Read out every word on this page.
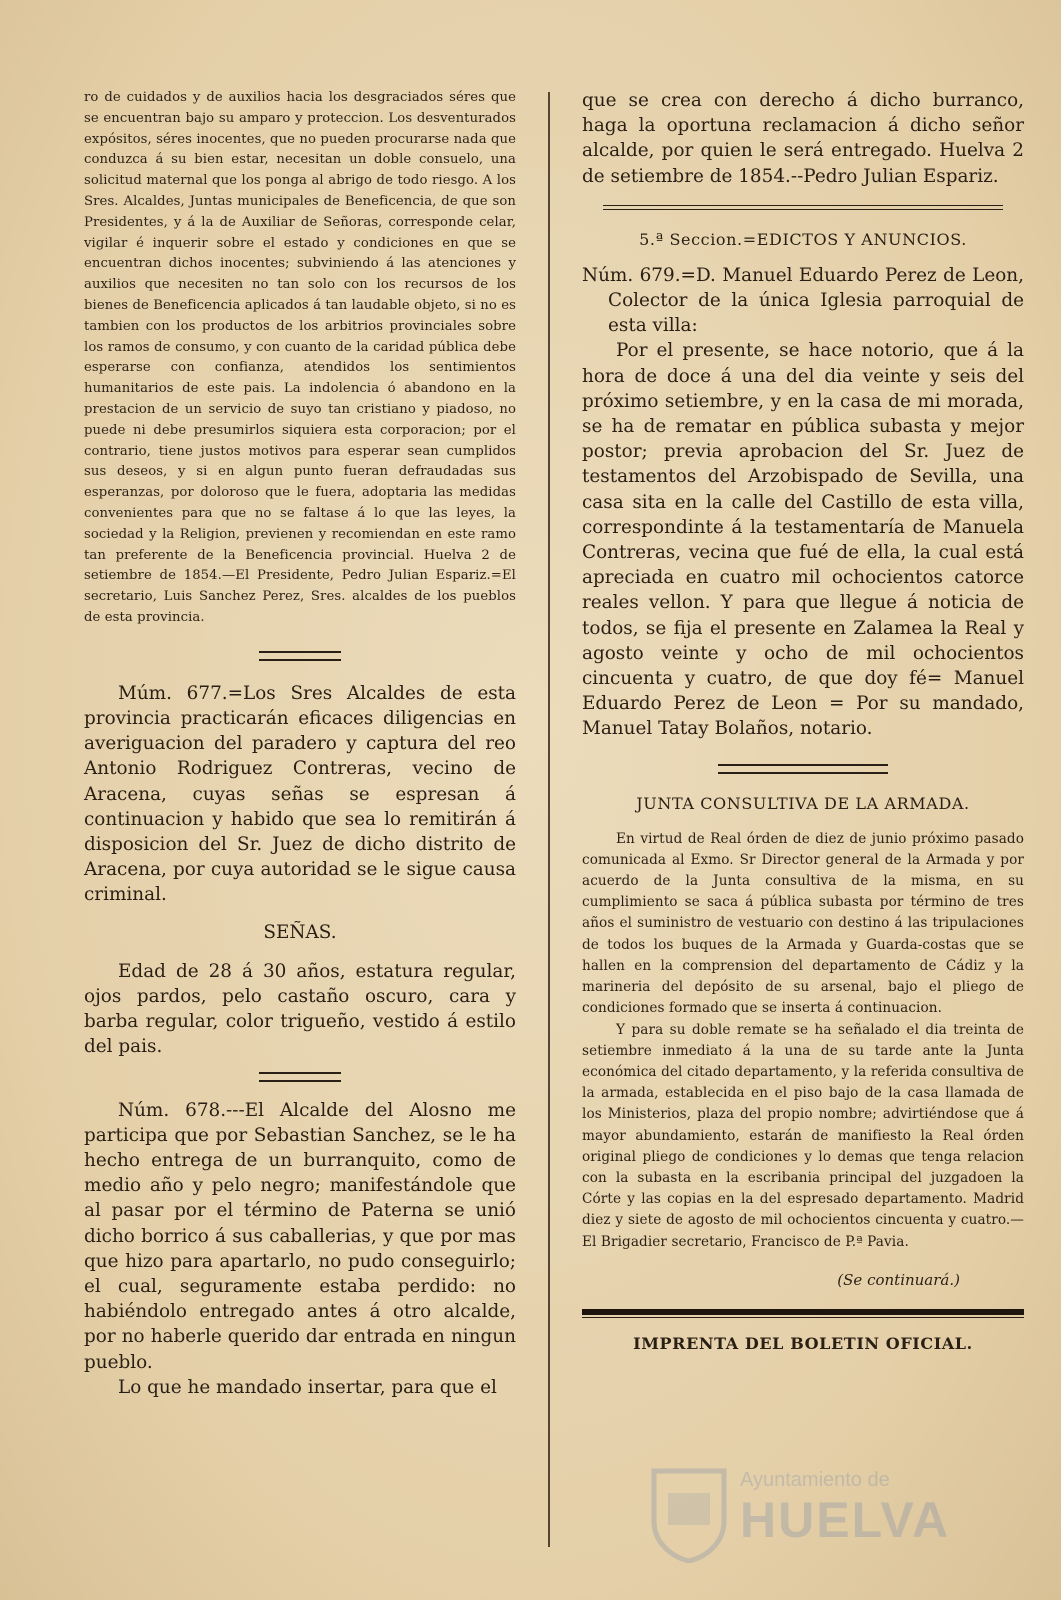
ro de cuidados y de auxilios hacia los desgraciados séres que se encuentran bajo su amparo y proteccion. Los desventurados expósitos, séres inocentes, que no pueden procurarse nada que conduzca á su bien estar, necesitan un doble consuelo, una solicitud maternal que los ponga al abrigo de todo riesgo. A los Sres. Alcaldes, Juntas municipales de Beneficencia, de que son Presidentes, y á la de Auxiliar de Señoras, corresponde celar, vigilar é inquerir sobre el estado y condiciones en que se encuentran dichos inocentes; subviniendo á las atenciones y auxilios que necesiten no tan solo con los recursos de los bienes de Beneficencia aplicados á tan laudable objeto, si no es tambien con los productos de los arbitrios provinciales sobre los ramos de consumo, y con cuanto de la caridad pública debe esperarse con confianza, atendidos los sentimientos humanitarios de este pais. La indolencia ó abandono en la prestacion de un servicio de suyo tan cristiano y piadoso, no puede ni debe presumirlos siquiera esta corporacion; por el contrario, tiene justos motivos para esperar sean cumplidos sus deseos, y si en algun punto fueran defraudadas sus esperanzas, por doloroso que le fuera, adoptaria las medidas convenientes para que no se faltase á lo que las leyes, la sociedad y la Religion, previenen y recomiendan en este ramo tan preferente de la Beneficencia provincial. Huelva 2 de setiembre de 1854.—El Presidente, Pedro Julian Espariz.=El secretario, Luis Sanchez Perez, Sres. alcaldes de los pueblos de esta provincia.

Múm. 677.=Los Sres Alcaldes de esta provincia practicarán eficaces diligencias en averiguacion del paradero y captura del reo Antonio Rodriguez Contreras, vecino de Aracena, cuyas señas se espresan á continuacion y habido que sea lo remitirán á disposicion del Sr. Juez de dicho distrito de Aracena, por cuya autoridad se le sigue causa criminal.

SEÑAS.

Edad de 28 á 30 años, estatura regular, ojos pardos, pelo castaño oscuro, cara y barba regular, color trigueño, vestido á estilo del pais.

Núm. 678.---El Alcalde del Alosno me participa que por Sebastian Sanchez, se le ha hecho entrega de un burranquito, como de medio año y pelo negro; manifestándole que al pasar por el término de Paterna se unió dicho borrico á sus caballerias, y que por mas que hizo para apartarlo, no pudo conseguirlo; el cual, seguramente estaba perdido: no habiéndolo entregado antes á otro alcalde, por no haberle querido dar entrada en ningun pueblo.

Lo que he mandado insertar, para que el

que se crea con derecho á dicho burranco, haga la oportuna reclamacion á dicho señor alcalde, por quien le será entregado. Huelva 2 de setiembre de 1854.--Pedro Julian Espariz.

5.ª Seccion.=EDICTOS Y ANUNCIOS.

Núm. 679.=D. Manuel Eduardo Perez de Leon, Colector de la única Iglesia parroquial de esta villa:

Por el presente, se hace notorio, que á la hora de doce á una del dia veinte y seis del próximo setiembre, y en la casa de mi morada, se ha de rematar en pública subasta y mejor postor; previa aprobacion del Sr. Juez de testamentos del Arzobispado de Sevilla, una casa sita en la calle del Castillo de esta villa, correspondinte á la testamentaría de Manuela Contreras, vecina que fué de ella, la cual está apreciada en cuatro mil ochocientos catorce reales vellon. Y para que llegue á noticia de todos, se fija el presente en Zalamea la Real y agosto veinte y ocho de mil ochocientos cincuenta y cuatro, de que doy fé= Manuel Eduardo Perez de Leon = Por su mandado, Manuel Tatay Bolaños, notario.

JUNTA CONSULTIVA DE LA ARMADA.

En virtud de Real órden de diez de junio próximo pasado comunicada al Exmo. Sr Director general de la Armada y por acuerdo de la Junta consultiva de la misma, en su cumplimiento se saca á pública subasta por término de tres años el suministro de vestuario con destino á las tripulaciones de todos los buques de la Armada y Guarda-costas que se hallen en la comprension del departamento de Cádiz y la marineria del depósito de su arsenal, bajo el pliego de condiciones formado que se inserta á continuacion.

Y para su doble remate se ha señalado el dia treinta de setiembre inmediato á la una de su tarde ante la Junta económica del citado departamento, y la referida consultiva de la armada, establecida en el piso bajo de la casa llamada de los Ministerios, plaza del propio nombre; advirtiéndose que á mayor abundamiento, estarán de manifiesto la Real órden original pliego de condiciones y lo demas que tenga relacion con la subasta en la escribania principal del juzgadoen la Córte y las copias en la del espresado departamento. Madrid diez y siete de agosto de mil ochocientos cincuenta y cuatro.—El Brigadier secretario, Francisco de P.ª Pavia.

(Se continuará.)
IMPRENTA DEL BOLETIN OFICIAL.
Ayuntamiento de
HUELVA
